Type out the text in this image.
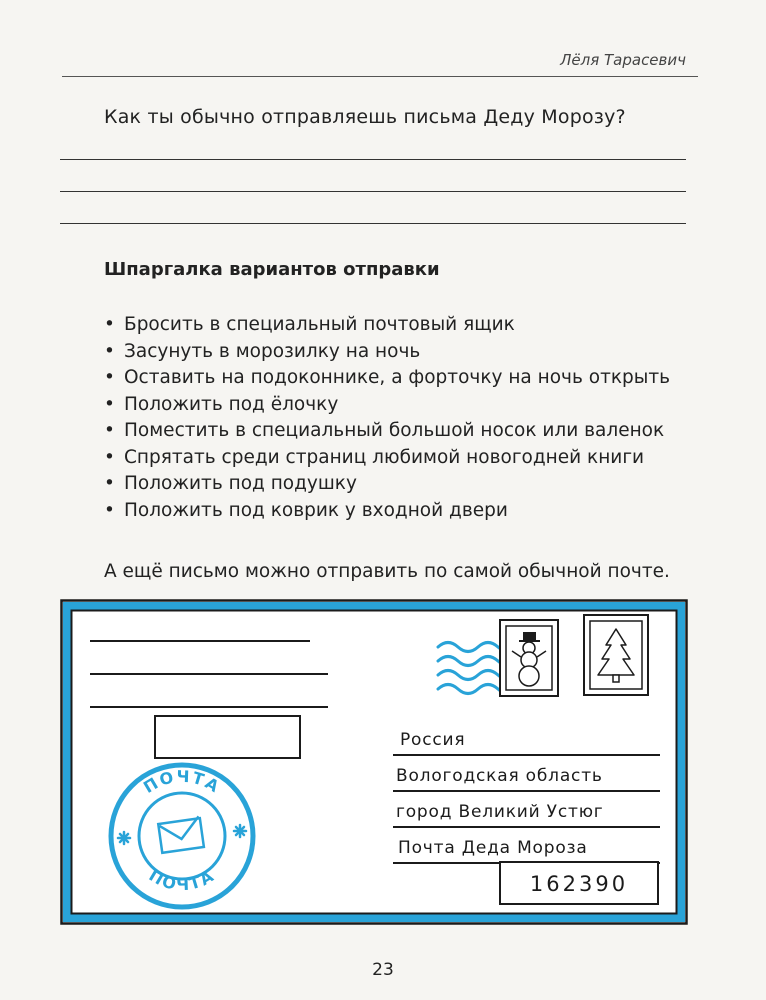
Лёля Тарасевич
Как ты обычно отправляешь письма Деду Морозу?
Шпаргалка вариантов отправки
• Бросить в специальный почтовый ящик
• Засунуть в морозилку на ночь
• Оставить на подоконнике, а форточку на ночь открыть
• Положить под ёлочку
• Поместить в специальный большой носок или валенок
• Спрятать среди страниц любимой новогодней книги
• Положить под подушку
• Положить под коврик у входной двери
А ещё письмо можно отправить по самой обычной почте.
Россия
Вологодская область
город Великий Устюг
Почта Деда Мороза
162390
ПОЧТА
ПОЧТА
23
